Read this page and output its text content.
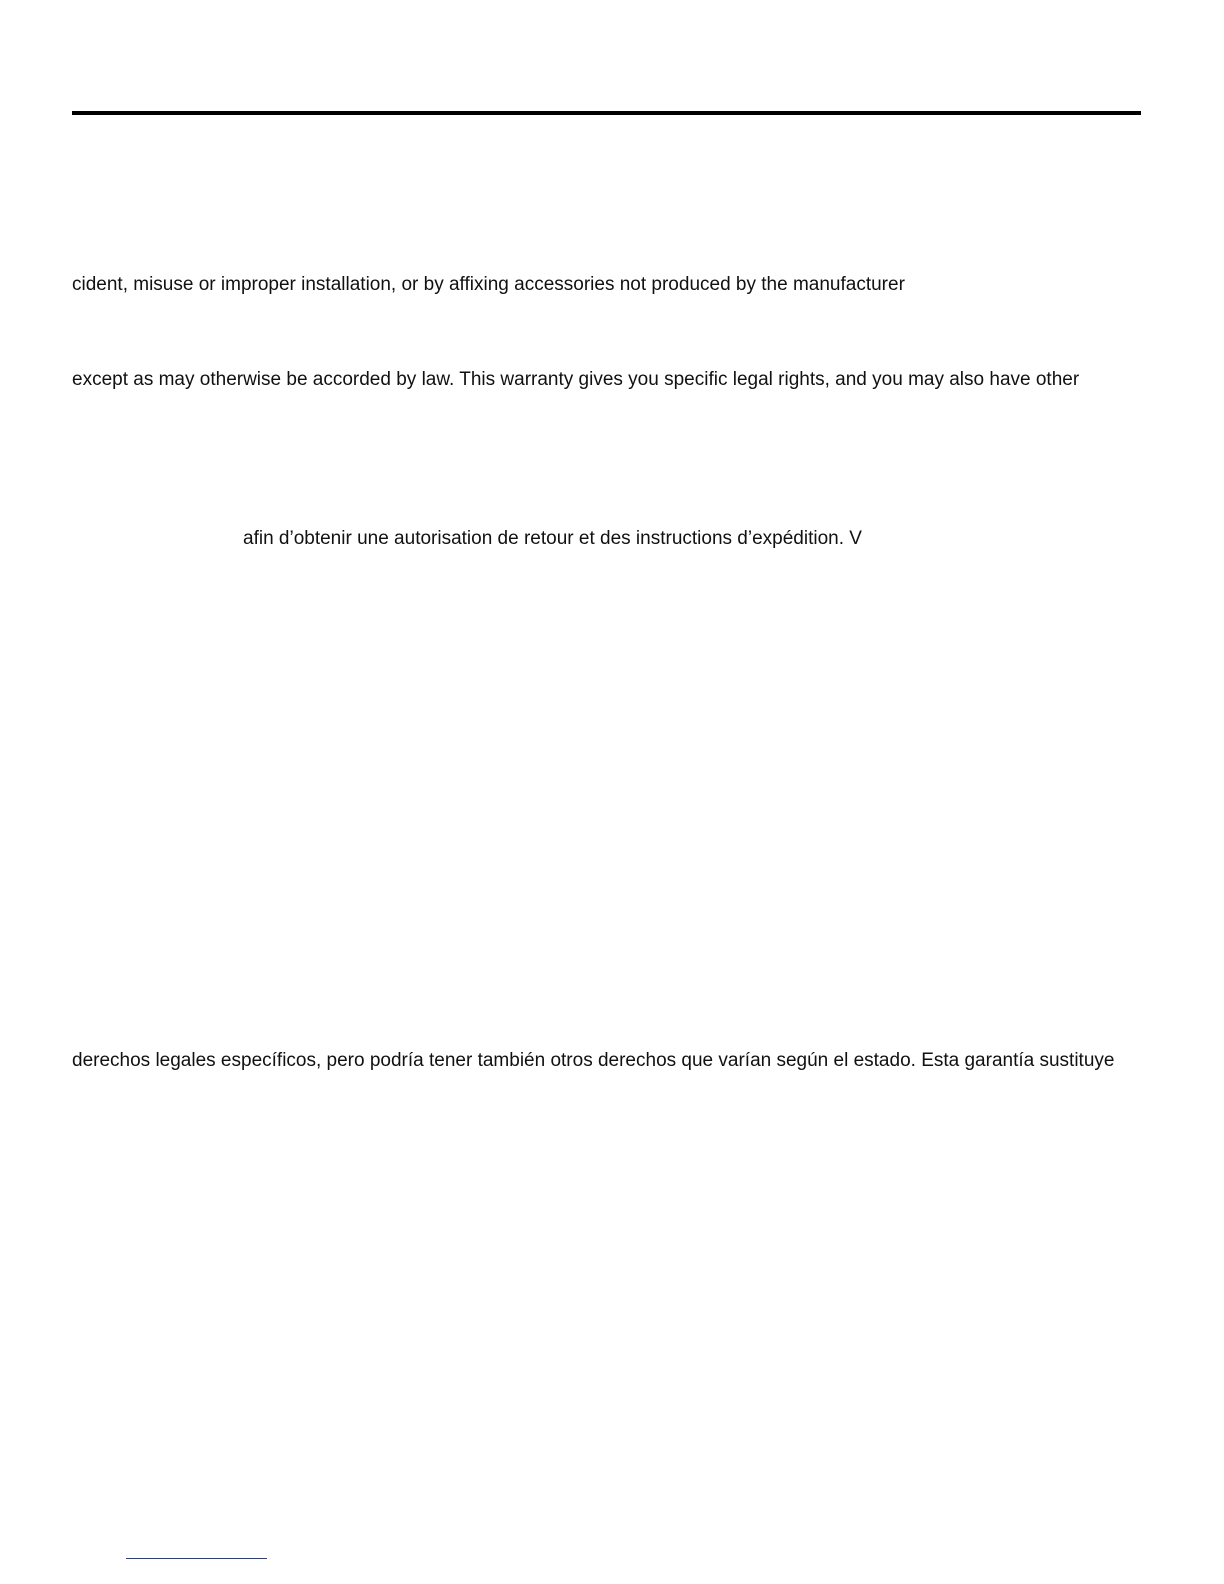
cident, misuse or improper installation, or by affixing accessories not produced by the manufacturer
except as may otherwise be accorded by law. This warranty gives you specific legal rights, and you may also have other
afin d’obtenir une autorisation de retour et des instructions d’expédition. V
derechos legales específicos, pero podría tener también otros derechos que varían según el estado. Esta garantía sustituye
